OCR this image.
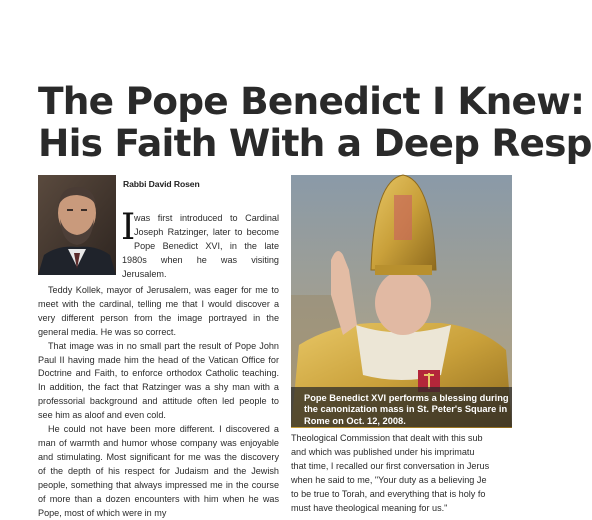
The Pope Benedict I Knew:
His Faith With a Deep Resp

Rabbi David Rosen

I

was first introduced to Cardinal Joseph Ratzinger, later to become Pope Benedict XVI, in the late 1980s when he was visiting Jerusalem.

Teddy Kollek, mayor of Jerusalem, was eager for me to meet with the cardinal, telling me that I would discover a very different person from the image portrayed in the general media. He was so correct.

That image was in no small part the result of Pope John Paul II having made him the head of the Vatican Office for Doctrine and Faith, to enforce orthodox Catholic teaching. In addition, the fact that Ratzinger was a shy man with a professorial background and attitude often led people to see him as aloof and even cold.

He could not have been more different. I discovered a man of warmth and humor whose company was enjoyable and stimulating. Most significant for me was the discovery of the depth of his respect for Judaism and the Jewish people, something that always impressed me in the course of more than a dozen encounters with him when he was Pope, most of which were in my

Pope Benedict XVI performs a blessing during
the canonization mass in St. Peter's Square in
Rome on Oct. 12, 2008.
Theological Commission that dealt with this sub
and which was published under his imprimatu
that time, I recalled our first conversation in Jerus
when he said to me, "Your duty as a believing Je
to be true to Torah, and everything that is holy fo
must have theological meaning for us."
